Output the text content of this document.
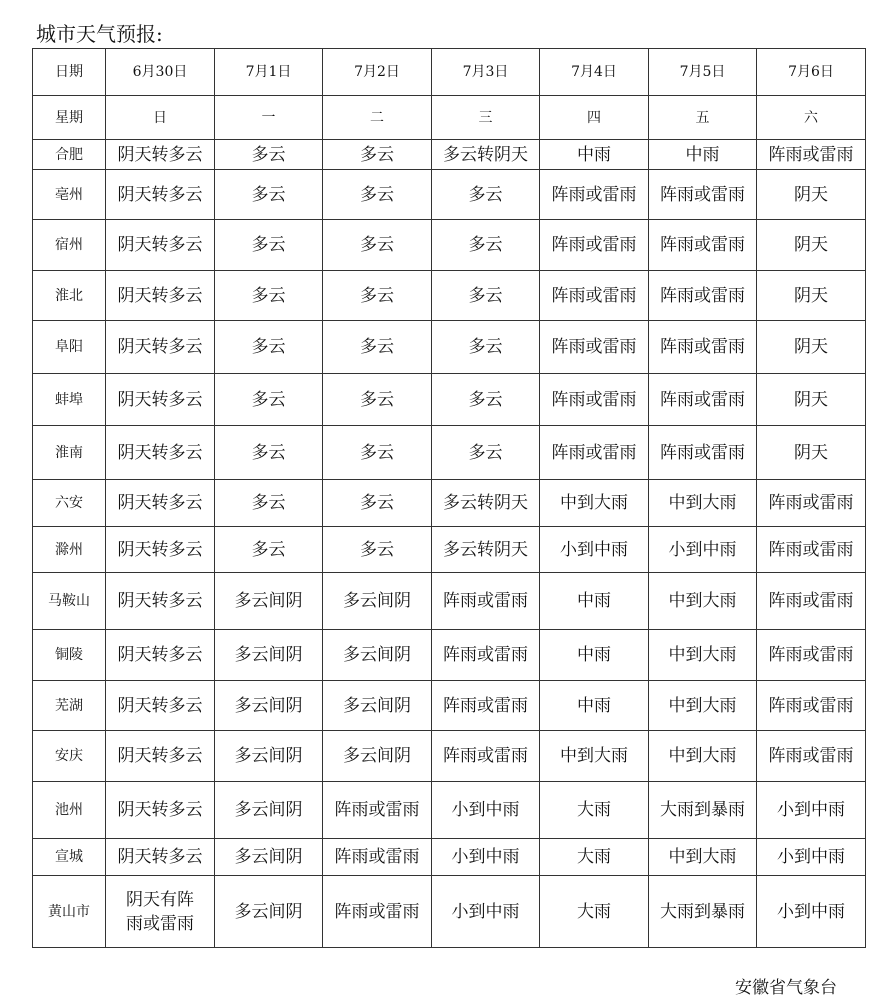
城市天气预报:
日期	6月30日	7月1日	7月2日	7月3日	7月4日	7月5日	7月6日
星期	日	一	二	三	四	五	六
合肥	阴天转多云	多云	多云	多云转阴天	中雨	中雨	阵雨或雷雨
亳州	阴天转多云	多云	多云	多云	阵雨或雷雨	阵雨或雷雨	阴天
宿州	阴天转多云	多云	多云	多云	阵雨或雷雨	阵雨或雷雨	阴天
淮北	阴天转多云	多云	多云	多云	阵雨或雷雨	阵雨或雷雨	阴天
阜阳	阴天转多云	多云	多云	多云	阵雨或雷雨	阵雨或雷雨	阴天
蚌埠	阴天转多云	多云	多云	多云	阵雨或雷雨	阵雨或雷雨	阴天
淮南	阴天转多云	多云	多云	多云	阵雨或雷雨	阵雨或雷雨	阴天
六安	阴天转多云	多云	多云	多云转阴天	中到大雨	中到大雨	阵雨或雷雨
滁州	阴天转多云	多云	多云	多云转阴天	小到中雨	小到中雨	阵雨或雷雨
马鞍山	阴天转多云	多云间阴	多云间阴	阵雨或雷雨	中雨	中到大雨	阵雨或雷雨
铜陵	阴天转多云	多云间阴	多云间阴	阵雨或雷雨	中雨	中到大雨	阵雨或雷雨
芜湖	阴天转多云	多云间阴	多云间阴	阵雨或雷雨	中雨	中到大雨	阵雨或雷雨
安庆	阴天转多云	多云间阴	多云间阴	阵雨或雷雨	中到大雨	中到大雨	阵雨或雷雨
池州	阴天转多云	多云间阴	阵雨或雷雨	小到中雨	大雨	大雨到暴雨	小到中雨
宣城	阴天转多云	多云间阴	阵雨或雷雨	小到中雨	大雨	中到大雨	小到中雨
黄山市	阴天有阵雨或雷雨	多云间阴	阵雨或雷雨	小到中雨	大雨	大雨到暴雨	小到中雨
安徽省气象台
